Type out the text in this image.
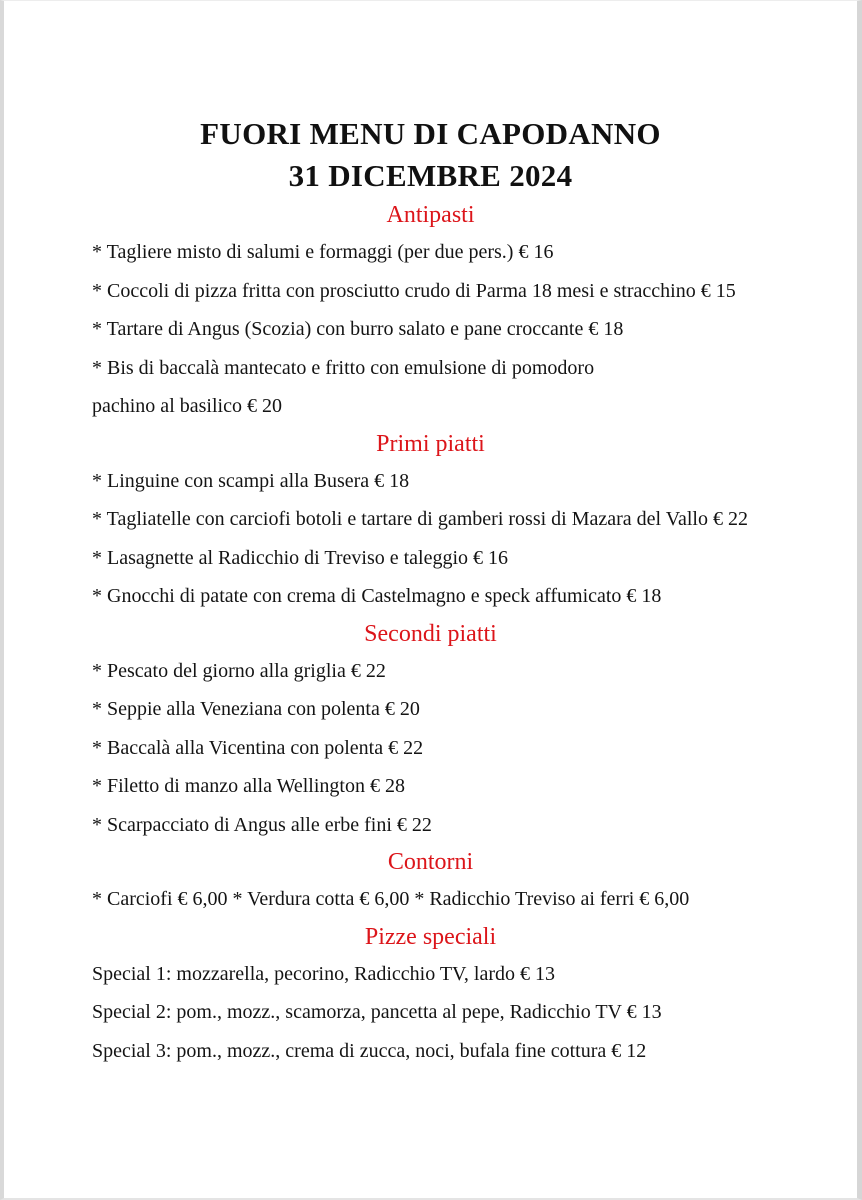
FUORI MENU DI CAPODANNO
31 DICEMBRE 2024
Antipasti

* Tagliere misto di salumi e formaggi (per due pers.) € 16

* Coccoli di pizza fritta con prosciutto crudo di Parma 18 mesi e stracchino € 15

* Tartare di Angus (Scozia) con burro salato e pane croccante € 18

* Bis di baccalà mantecato e fritto con emulsione di pomodoro

pachino al basilico € 20

Primi piatti

* Linguine con scampi alla Busera € 18

* Tagliatelle con carciofi botoli e tartare di gamberi rossi di Mazara del Vallo € 22

* Lasagnette al Radicchio di Treviso e taleggio € 16

* Gnocchi di patate con crema di Castelmagno e speck affumicato € 18

Secondi piatti

* Pescato del giorno alla griglia € 22

* Seppie alla Veneziana con polenta € 20

* Baccalà alla Vicentina con polenta € 22

* Filetto di manzo alla Wellington € 28

* Scarpacciato di Angus alle erbe fini € 22

Contorni

* Carciofi € 6,00 * Verdura cotta € 6,00 * Radicchio Treviso ai ferri € 6,00

Pizze speciali

Special 1: mozzarella, pecorino, Radicchio TV, lardo € 13

Special 2: pom., mozz., scamorza, pancetta al pepe, Radicchio TV € 13

Special 3: pom., mozz., crema di zucca, noci, bufala fine cottura € 12
